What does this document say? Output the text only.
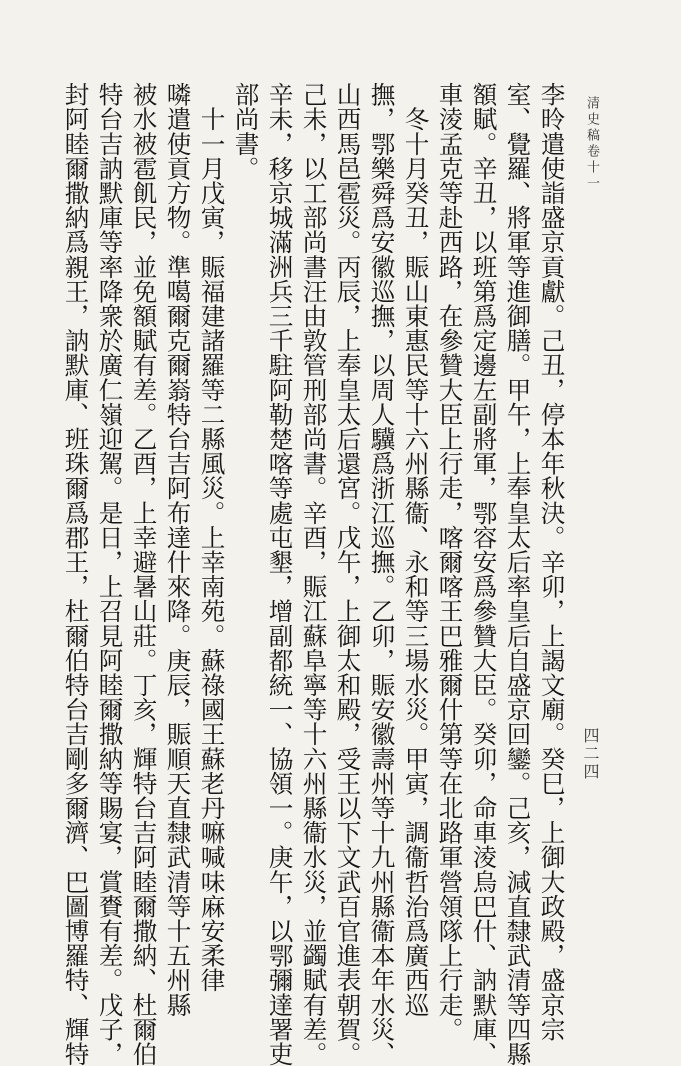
清史稿卷十一
四二四
李昤遣使詣盛京貢獻。己丑，停本年秋決。辛卯，上謁文廟。癸巳，上御大政殿，盛京宗
室、覺羅、將軍等進御膳。甲午，上奉皇太后率皇后自盛京回鑾。己亥，減直隸武清等四縣
額賦。辛丑，以班第爲定邊左副將軍，鄂容安爲參贊大臣。癸卯，命車淩烏巴什、訥默庫、
車淩孟克等赴西路，在參贊大臣上行走，喀爾喀王巴雅爾什第等在北路軍營領隊上行走。
　冬十月癸丑，賑山東惠民等十六州縣衞、永和等三場水災。甲寅，調衞哲治爲廣西巡
撫，鄂樂舜爲安徽巡撫，以周人驥爲浙江巡撫。乙卯，賑安徽壽州等十九州縣衞本年水災、
山西馬邑雹災。丙辰，上奉皇太后還宮。戊午，上御太和殿，受王以下文武百官進表朝賀。
己未，以工部尚書汪由敦管刑部尚書。辛酉，賑江蘇阜寧等十六州縣衞水災，並蠲賦有差。
辛未，移京城滿洲兵三千駐阿勒楚喀等處屯墾，增副都統一、協領一。庚午，以鄂彌達署吏
部尚書。
　十一月戊寅，賑福建諸羅等二縣風災。上幸南苑。蘇祿國王蘇老丹嘛喊味麻安柔律
噒遣使貢方物。準噶爾克爾嵡特台吉阿布達什來降。庚辰，賑順天直隸武清等十五州縣
被水被雹飢民，並免額賦有差。乙酉，上幸避暑山莊。丁亥，輝特台吉阿睦爾撒納、杜爾伯
特台吉訥默庫等率降衆於廣仁嶺迎駕。是日，上召見阿睦爾撒納等賜宴，賞賚有差。戊子，
封阿睦爾撒納爲親王，訥默庫、班珠爾爲郡王，杜爾伯特台吉剛多爾濟、巴圖博羅特、輝特
